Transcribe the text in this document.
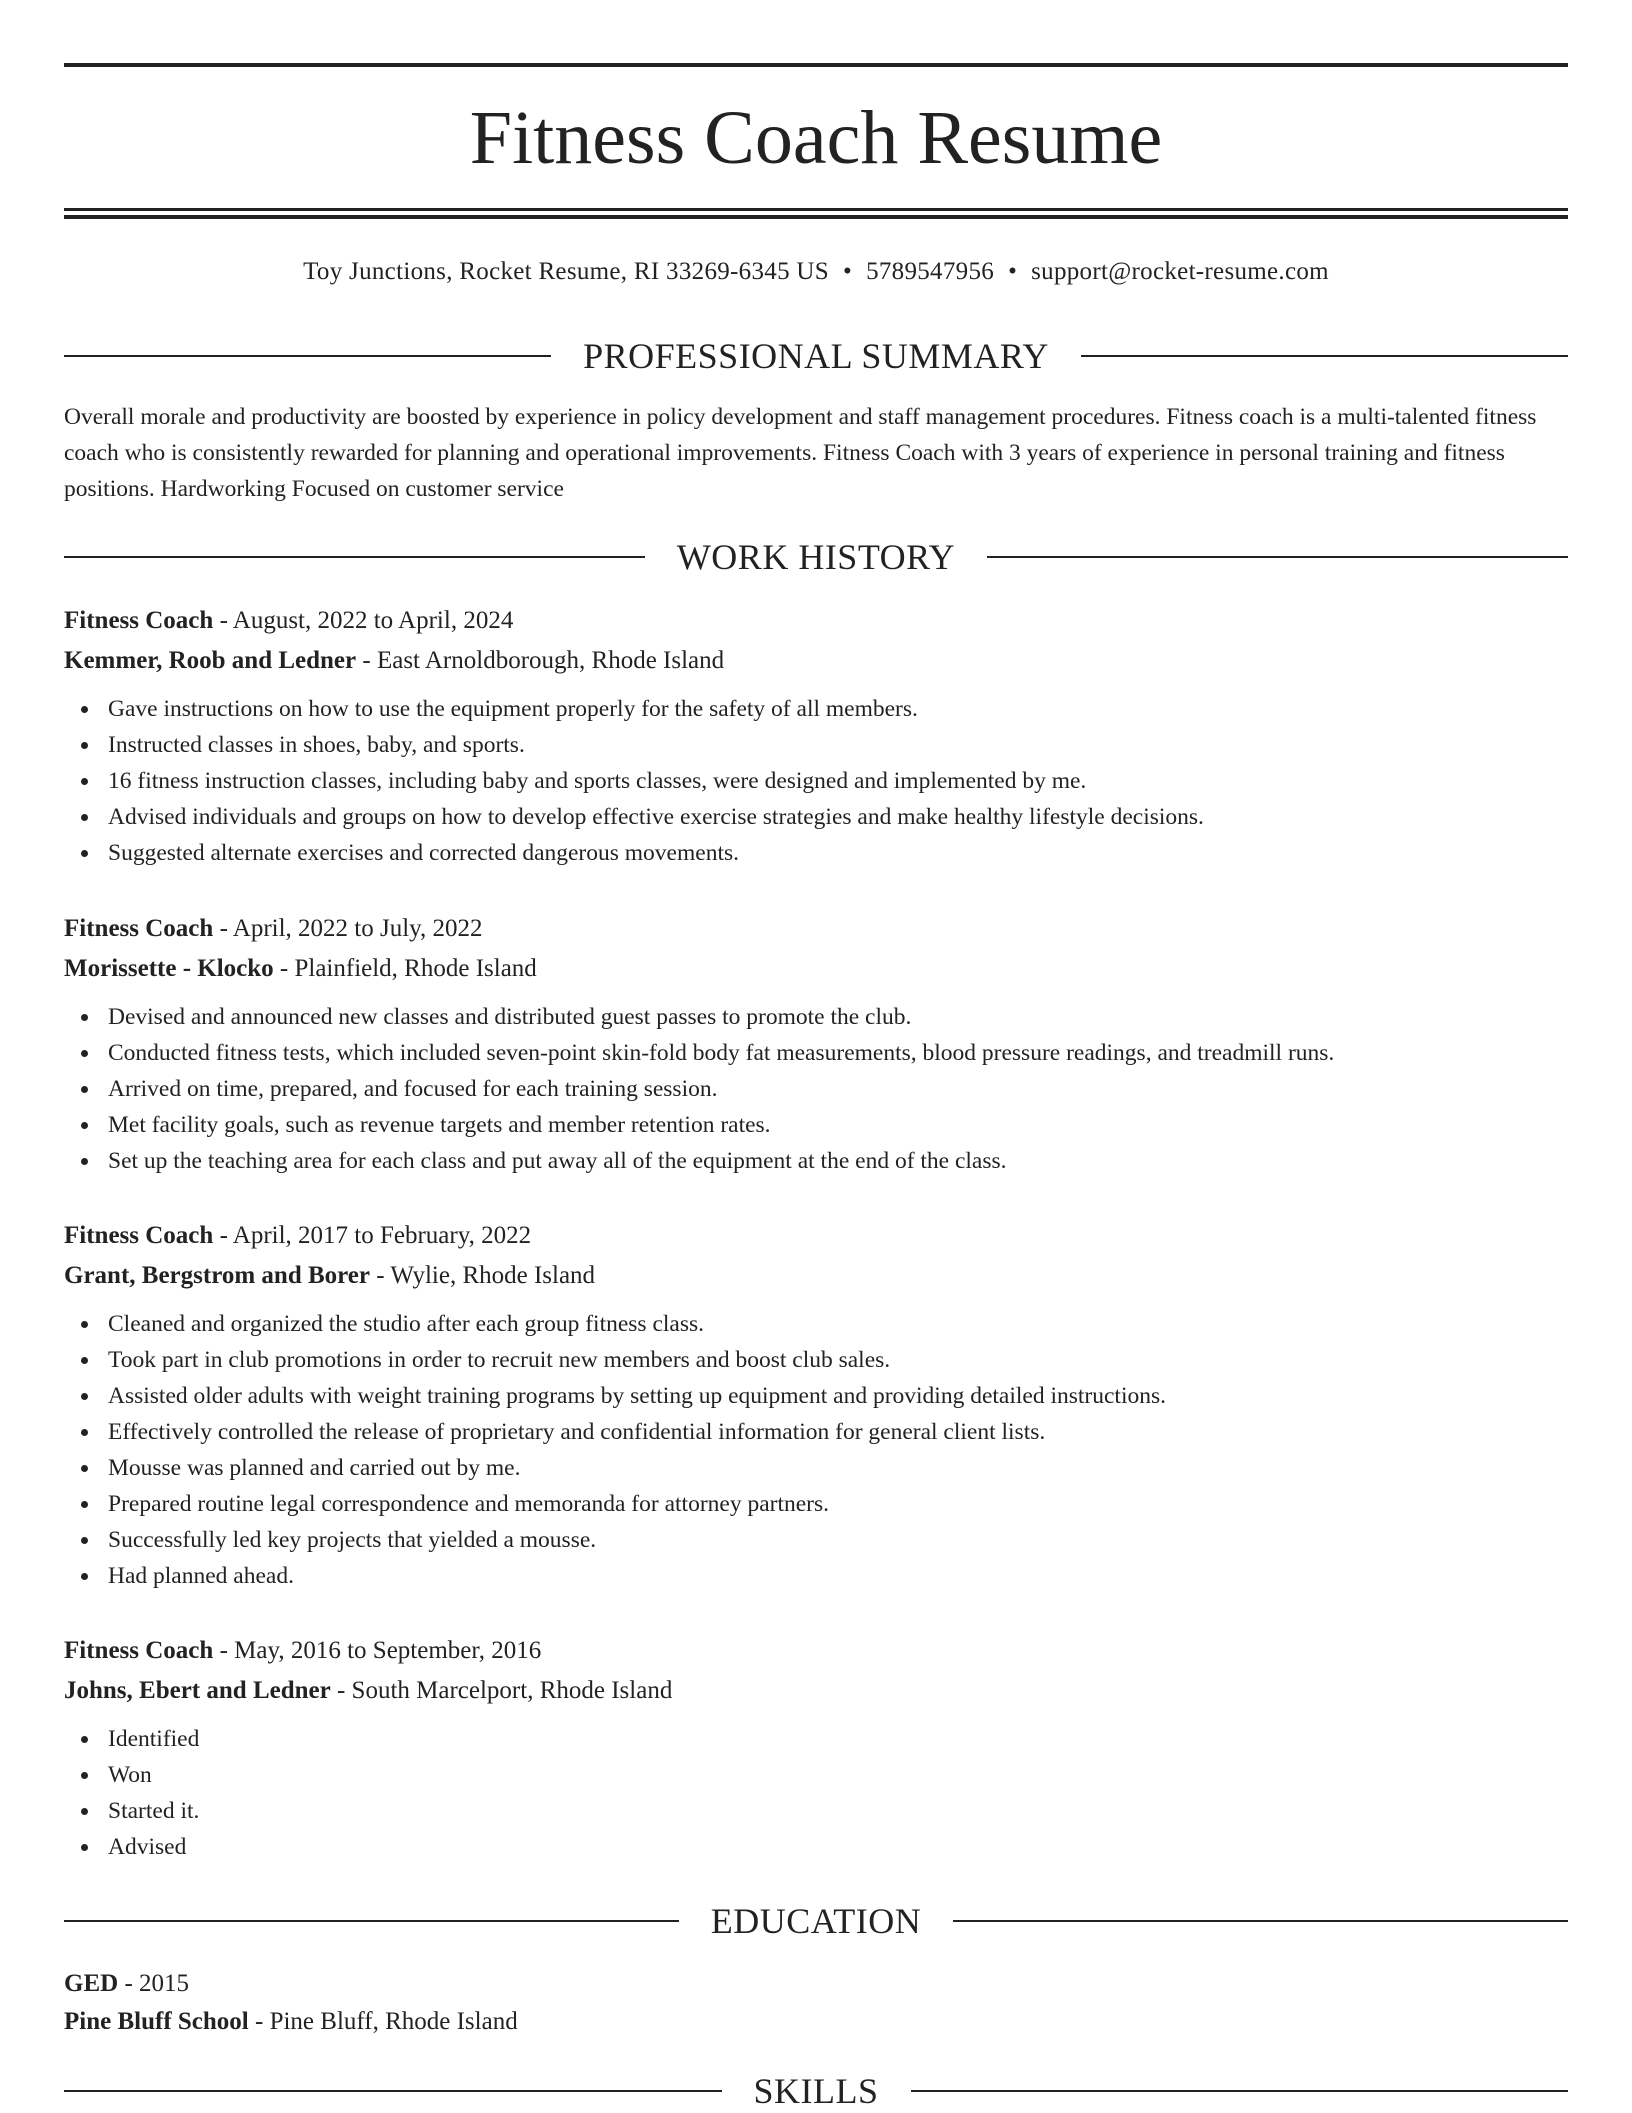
Fitness Coach Resume
Toy Junctions, Rocket Resume, RI 33269-6345 US • 5789547956 • support@rocket-resume.com
PROFESSIONAL SUMMARY

Overall morale and productivity are boosted by experience in policy development and staff management procedures. Fitness coach is a multi-talented fitness coach who is consistently rewarded for planning and operational improvements. Fitness Coach with 3 years of experience in personal training and fitness positions. Hardworking Focused on customer service

WORK HISTORY
Fitness Coach - August, 2022 to April, 2024
Kemmer, Roob and Ledner - East Arnoldborough, Rhode Island
Gave instructions on how to use the equipment properly for the safety of all members.
Instructed classes in shoes, baby, and sports.
16 fitness instruction classes, including baby and sports classes, were designed and implemented by me.
Advised individuals and groups on how to develop effective exercise strategies and make healthy lifestyle decisions.
Suggested alternate exercises and corrected dangerous movements.
Fitness Coach - April, 2022 to July, 2022
Morissette - Klocko - Plainfield, Rhode Island
Devised and announced new classes and distributed guest passes to promote the club.
Conducted fitness tests, which included seven-point skin-fold body fat measurements, blood pressure readings, and treadmill runs.
Arrived on time, prepared, and focused for each training session.
Met facility goals, such as revenue targets and member retention rates.
Set up the teaching area for each class and put away all of the equipment at the end of the class.
Fitness Coach - April, 2017 to February, 2022
Grant, Bergstrom and Borer - Wylie, Rhode Island
Cleaned and organized the studio after each group fitness class.
Took part in club promotions in order to recruit new members and boost club sales.
Assisted older adults with weight training programs by setting up equipment and providing detailed instructions.
Effectively controlled the release of proprietary and confidential information for general client lists.
Mousse was planned and carried out by me.
Prepared routine legal correspondence and memoranda for attorney partners.
Successfully led key projects that yielded a mousse.
Had planned ahead.
Fitness Coach - May, 2016 to September, 2016
Johns, Ebert and Ledner - South Marcelport, Rhode Island
Identified
Won
Started it.
Advised
EDUCATION
GED - 2015
Pine Bluff School - Pine Bluff, Rhode Island
SKILLS
